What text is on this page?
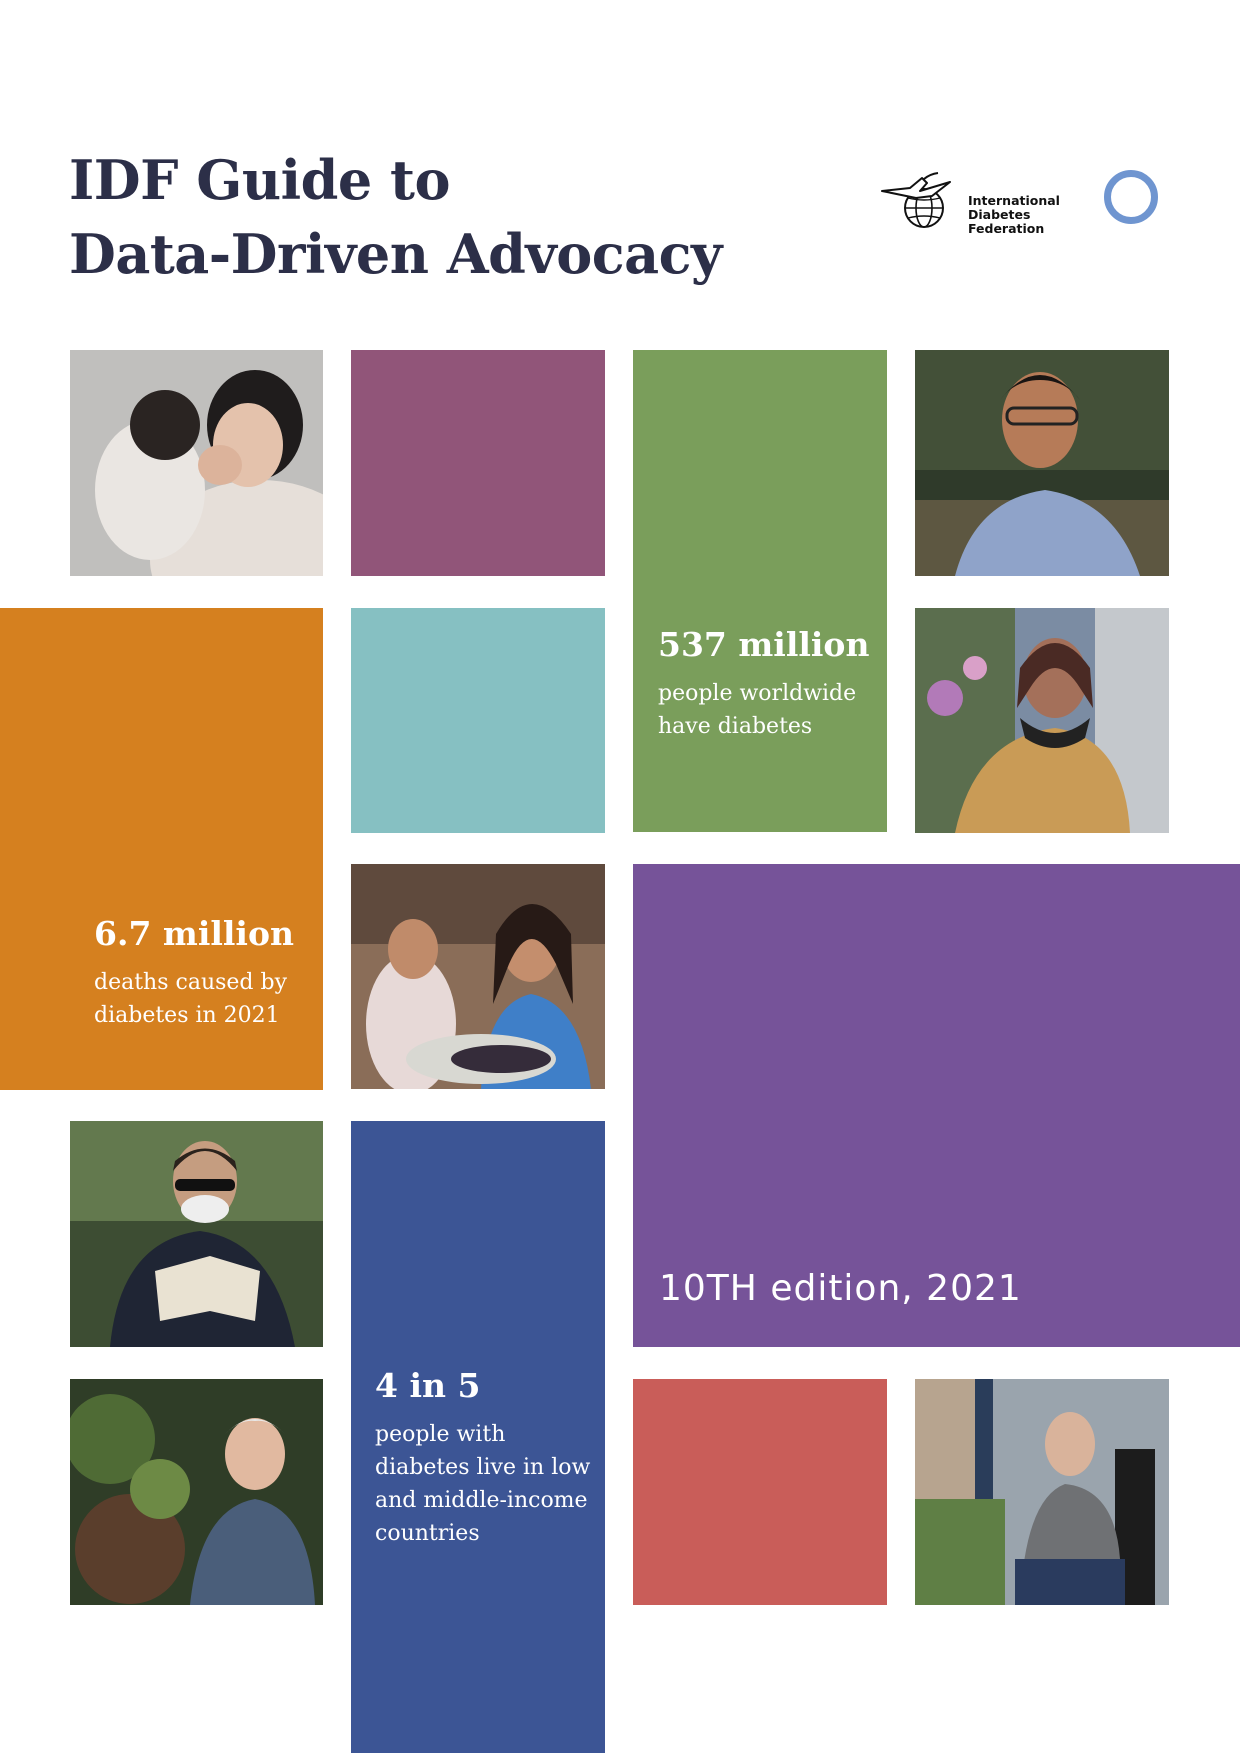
IDF Guide to
Data-Driven Advocacy
International
Diabetes
Federation
537 million
people worldwide have diabetes
6.7 million
deaths caused by diabetes in 2021
10TH edition, 2021
4 in 5
people with diabetes live in low and middle-income countries
